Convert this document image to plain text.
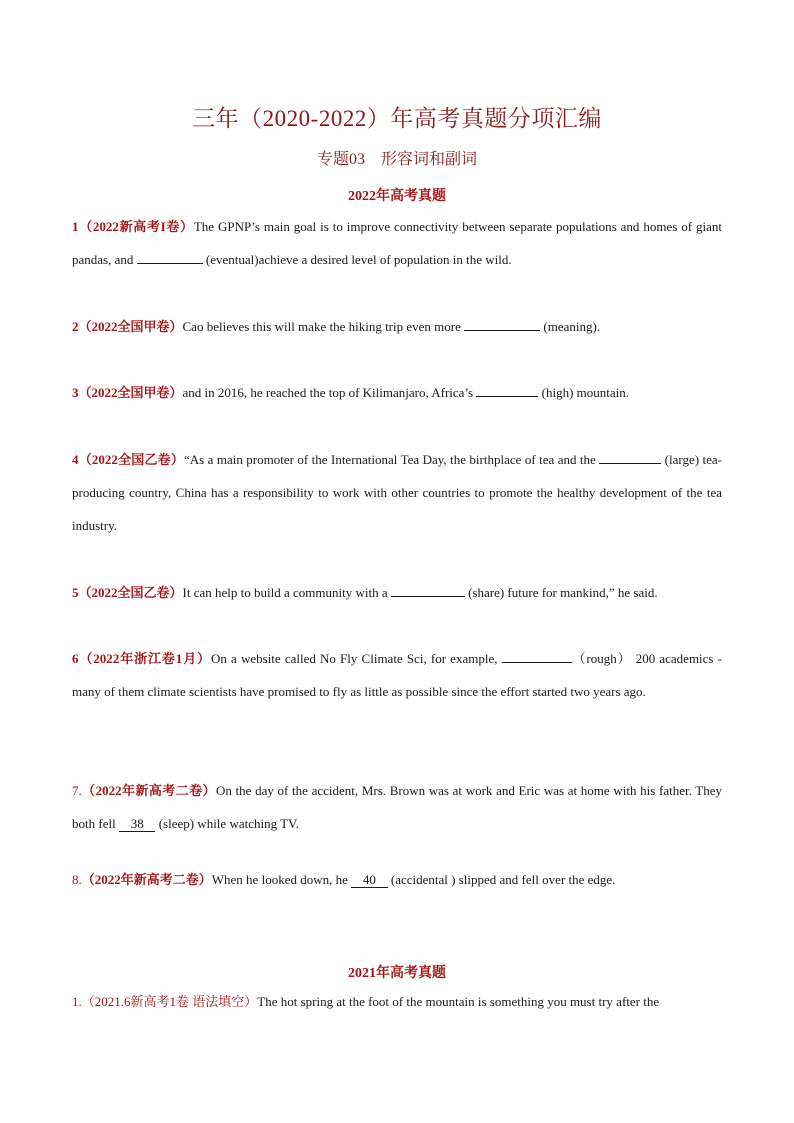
三年（2020-2022）年高考真题分项汇编
专题03　形容词和副词
2022年高考真题
1（2022新高考I卷）The GPNP’s main goal is to improve connectivity between separate populations and homes of giant pandas, and	(eventual)achieve a desired level of population in the wild.
2（2022全国甲卷）Cao believes this will make the hiking trip even more	(meaning).
3（2022全国甲卷）and in 2016, he reached the top of Kilimanjaro, Africa’s	(high) mountain.
4（2022全国乙卷）“As a main promoter of the International Tea Day, the birthplace of tea and the	(large) tea-producing country, China has a responsibility to work with other countries to promote the healthy development of the tea industry.
5（2022全国乙卷）It can help to build a community with a	(share) future for mankind,” he said.
6（2022年浙江卷1月）On a website called No Fly Climate Sci, for example,	（rough） 200 academics - many of them climate scientists have promised to fly as little as possible since the effort started two years ago.
7.（2022年新高考二卷）On the day of the accident, Mrs. Brown was at work and Eric was at home with his father. They both fell    38    (sleep) while watching TV.
8.（2022年新高考二卷）When he looked down, he    40    (accidental ) slipped and fell over the edge.
2021年高考真题
1.（2021.6新高考1卷 语法填空）The hot spring at the foot of the mountain is something you must try after the
